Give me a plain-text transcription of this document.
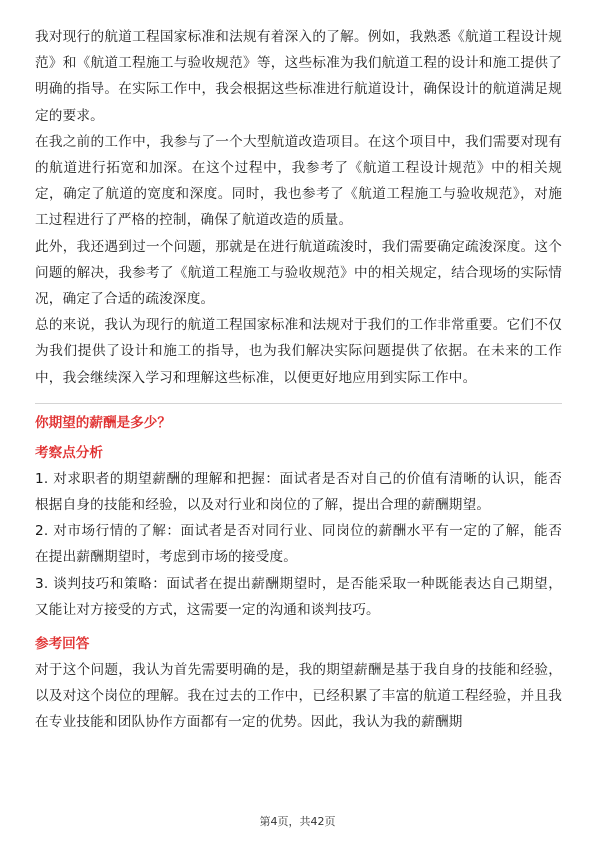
我对现行的航道工程国家标准和法规有着深入的了解。例如，我熟悉《航道工程设计规范》和《航道工程施工与验收规范》等，这些标准为我们航道工程的设计和施工提供了明确的指导。在实际工作中，我会根据这些标准进行航道设计，确保设计的航道满足规定的要求。

在我之前的工作中，我参与了一个大型航道改造项目。在这个项目中，我们需要对现有的航道进行拓宽和加深。在这个过程中，我参考了《航道工程设计规范》中的相关规定，确定了航道的宽度和深度。同时，我也参考了《航道工程施工与验收规范》，对施工过程进行了严格的控制，确保了航道改造的质量。

此外，我还遇到过一个问题，那就是在进行航道疏浚时，我们需要确定疏浚深度。这个问题的解决，我参考了《航道工程施工与验收规范》中的相关规定，结合现场的实际情况，确定了合适的疏浚深度。

总的来说，我认为现行的航道工程国家标准和法规对于我们的工作非常重要。它们不仅为我们提供了设计和施工的指导，也为我们解决实际问题提供了依据。在未来的工作中，我会继续深入学习和理解这些标准，以便更好地应用到实际工作中。

你期望的薪酬是多少？

考察点分析

1. 对求职者的期望薪酬的理解和把握：面试者是否对自己的价值有清晰的认识，能否根据自身的技能和经验，以及对行业和岗位的了解，提出合理的薪酬期望。

2. 对市场行情的了解：面试者是否对同行业、同岗位的薪酬水平有一定的了解，能否在提出薪酬期望时，考虑到市场的接受度。

3. 谈判技巧和策略：面试者在提出薪酬期望时，是否能采取一种既能表达自己期望，又能让对方接受的方式，这需要一定的沟通和谈判技巧。

参考回答

对于这个问题，我认为首先需要明确的是，我的期望薪酬是基于我自身的技能和经验，以及对这个岗位的理解。我在过去的工作中，已经积累了丰富的航道工程经验，并且我在专业技能和团队协作方面都有一定的优势。因此，我认为我的薪酬期

第4页，共42页
